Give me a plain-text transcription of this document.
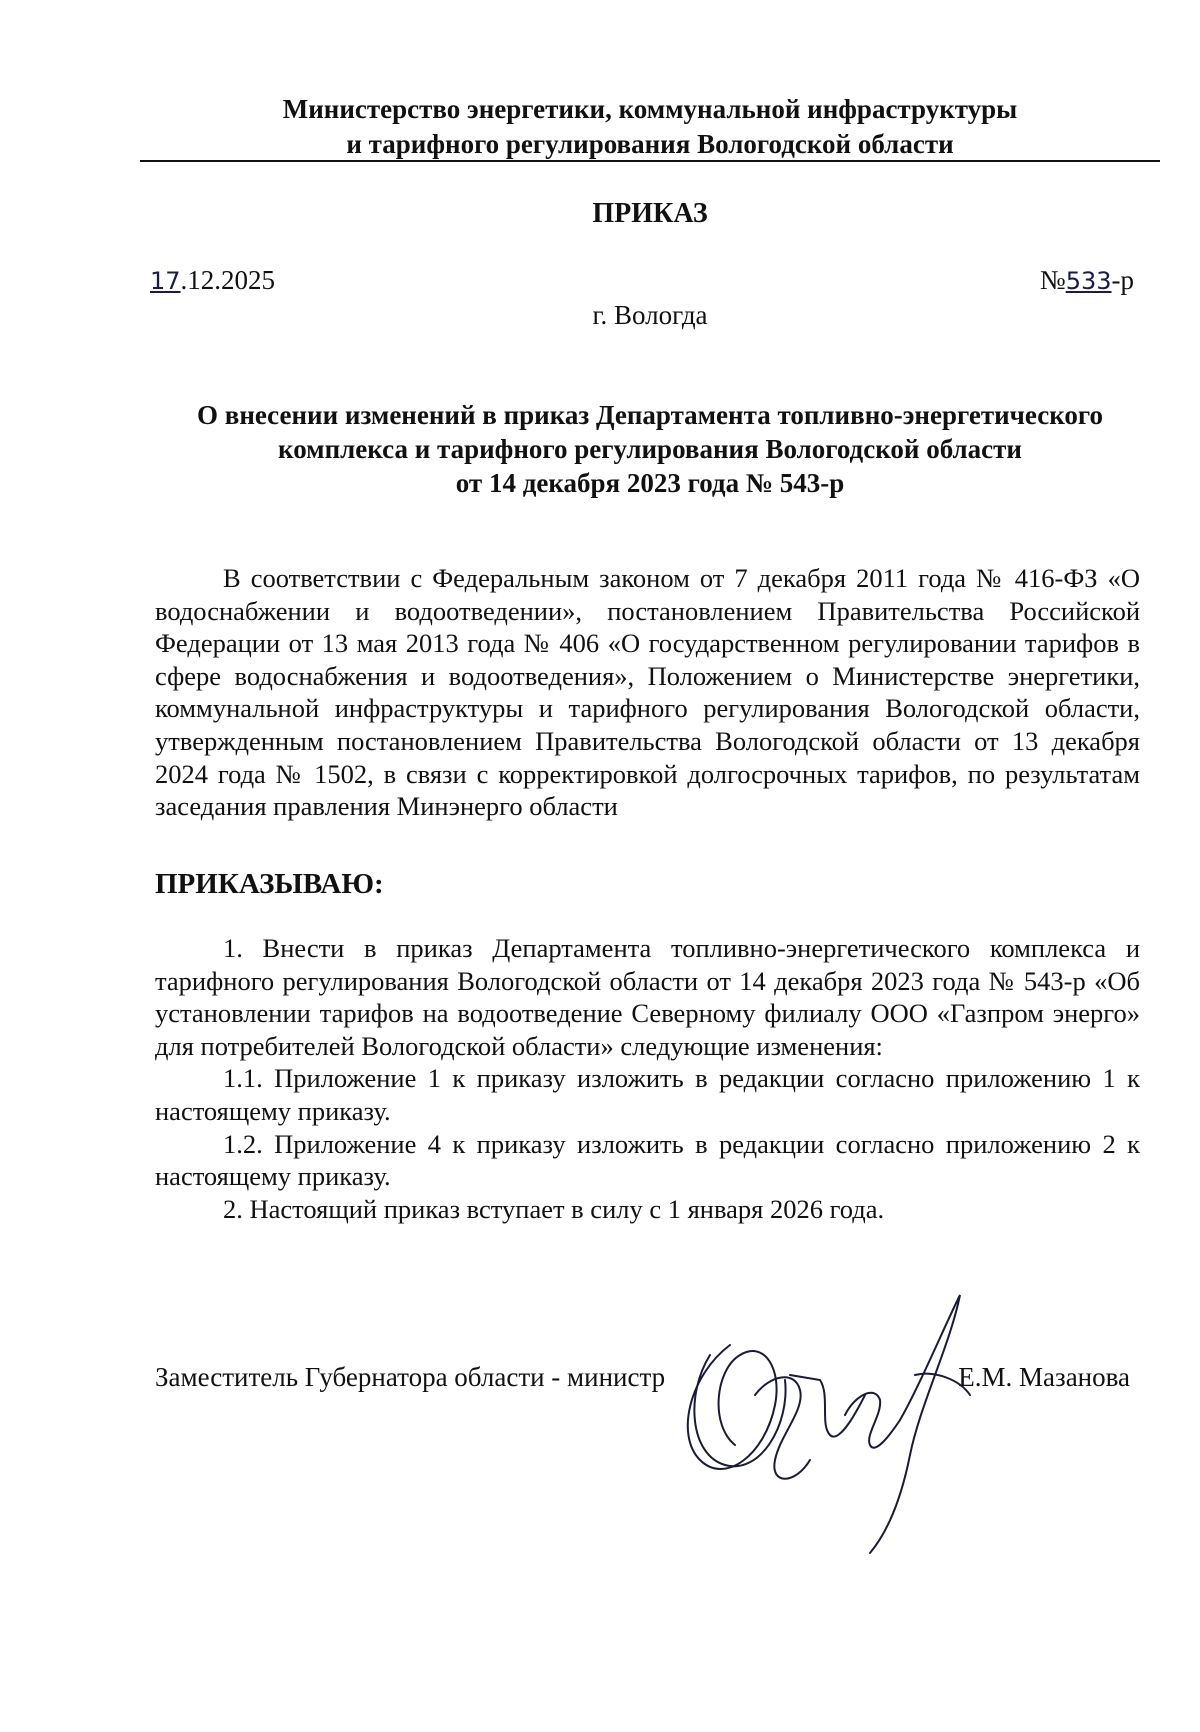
Министерство энергетики, коммунальной инфраструктуры
и тарифного регулирования Вологодской области
ПРИКАЗ
17.12.2025	№533-р
г. Вологда
О внесении изменений в приказ Департамента топливно-энергетического
комплекса и тарифного регулирования Вологодской области
от 14 декабря 2023 года № 543-р

В соответствии с Федеральным законом от 7 декабря 2011 года № 416-ФЗ «О водоснабжении и водоотведении», постановлением Правительства Российской Федерации от 13 мая 2013 года № 406 «О государственном регулировании тарифов в сфере водоснабжения и водоотведения», Положением о Министерстве энергетики, коммунальной инфраструктуры и тарифного регулирования Вологодской области, утвержденным постановлением Правительства Вологодской области от 13 декабря 2024 года № 1502, в связи с корректировкой долгосрочных тарифов, по результатам заседания правления Минэнерго области

ПРИКАЗЫВАЮ:

1. Внести в приказ Департамента топливно-энергетического комплекса и тарифного регулирования Вологодской области от 14 декабря 2023 года № 543-р «Об установлении тарифов на водоотведение Северному филиалу ООО «Газпром энерго» для потребителей Вологодской области» следующие изменения:

1.1. Приложение 1 к приказу изложить в редакции согласно приложению 1 к настоящему приказу.

1.2. Приложение 4 к приказу изложить в редакции согласно приложению 2 к настоящему приказу.

2. Настоящий приказ вступает в силу с 1 января 2026 года.

Заместитель Губернатора области - министр	Е.М. Мазанова
